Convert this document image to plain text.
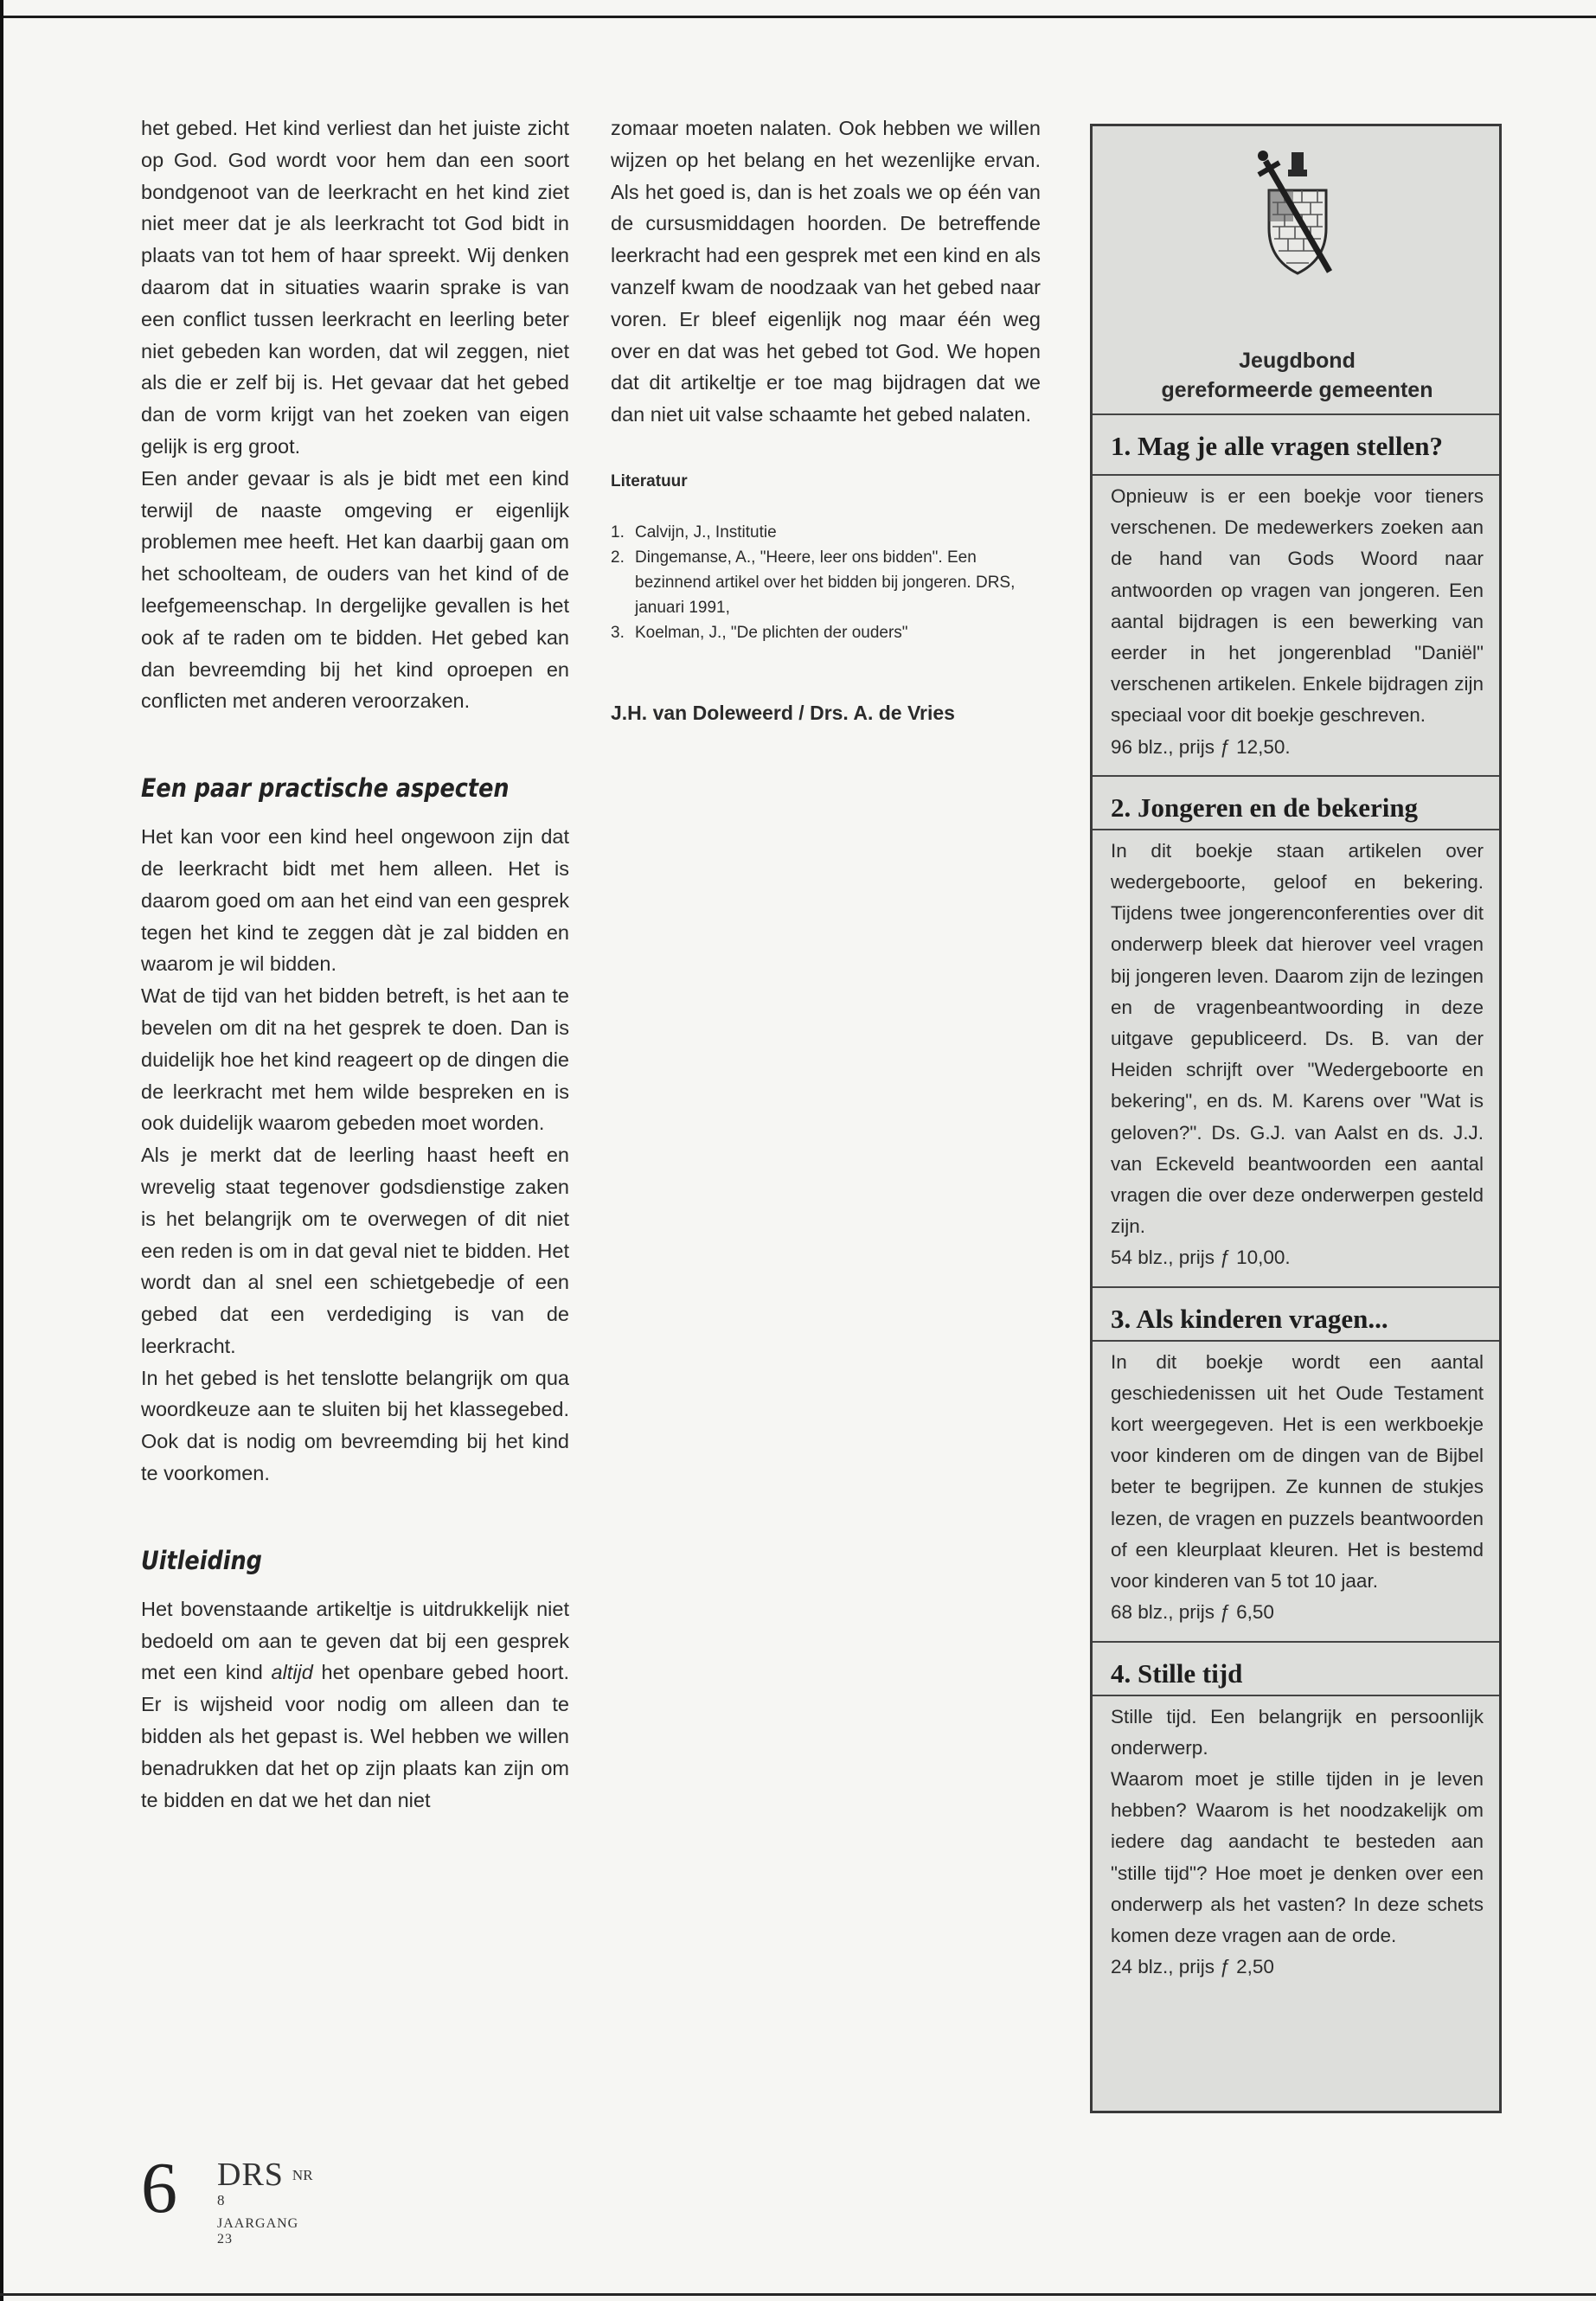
het gebed. Het kind verliest dan het juiste zicht op God. God wordt voor hem dan een soort bondgenoot van de leerkracht en het kind ziet niet meer dat je als leerkracht tot God bidt in plaats van tot hem of haar spreekt. Wij denken daarom dat in situaties waarin sprake is van een conflict tussen leerkracht en leerling beter niet gebeden kan worden, dat wil zeggen, niet als die er zelf bij is. Het gevaar dat het gebed dan de vorm krijgt van het zoeken van eigen gelijk is erg groot.

Een ander gevaar is als je bidt met een kind terwijl de naaste omgeving er eigenlijk problemen mee heeft. Het kan daarbij gaan om het schoolteam, de ouders van het kind of de leefgemeenschap. In dergelijke gevallen is het ook af te raden om te bidden. Het gebed kan dan bevreemding bij het kind oproepen en conflicten met anderen veroorzaken.

Een paar practische aspecten

Het kan voor een kind heel ongewoon zijn dat de leerkracht bidt met hem alleen. Het is daarom goed om aan het eind van een gesprek tegen het kind te zeggen dàt je zal bidden en waarom je wil bidden.

Wat de tijd van het bidden betreft, is het aan te bevelen om dit na het gesprek te doen. Dan is duidelijk hoe het kind reageert op de dingen die de leerkracht met hem wilde bespreken en is ook duidelijk waarom gebeden moet worden.

Als je merkt dat de leerling haast heeft en wrevelig staat tegenover godsdienstige zaken is het belangrijk om te overwegen of dit niet een reden is om in dat geval niet te bidden. Het wordt dan al snel een schietgebedje of een gebed dat een verdediging is van de leerkracht.

In het gebed is het tenslotte belangrijk om qua woordkeuze aan te sluiten bij het klassegebed. Ook dat is nodig om bevreemding bij het kind te voorkomen.

Uitleiding

Het bovenstaande artikeltje is uitdrukkelijk niet bedoeld om aan te geven dat bij een gesprek met een kind altijd het openbare gebed hoort. Er is wijsheid voor nodig om alleen dan te bidden als het gepast is. Wel hebben we willen benadrukken dat het op zijn plaats kan zijn om te bidden en dat we het dan niet

zomaar moeten nalaten. Ook hebben we willen wijzen op het belang en het wezenlijke ervan. Als het goed is, dan is het zoals we op één van de cursusmiddagen hoorden. De betreffende leerkracht had een gesprek met een kind en als vanzelf kwam de noodzaak van het gebed naar voren. Er bleef eigenlijk nog maar één weg over en dat was het gebed tot God. We hopen dat dit artikeltje er toe mag bijdragen dat we dan niet uit valse schaamte het gebed nalaten.

Literatuur
1. Calvijn, J., Institutie
2. Dingemanse, A., "Heere, leer ons bidden". Een bezinnend artikel over het bidden bij jongeren. DRS, januari 1991,
3. Koelman, J., "De plichten der ouders"
J.H. van Doleweerd / Drs. A. de Vries
Jeugdbond
gereformeerde gemeenten
1. Mag je alle vragen stellen?

Opnieuw is er een boekje voor tieners verschenen. De medewerkers zoeken aan de hand van Gods Woord naar antwoorden op vragen van jongeren. Een aantal bijdragen is een bewerking van eerder in het jongerenblad "Daniël" verschenen artikelen. Enkele bijdragen zijn speciaal voor dit boekje geschreven.

96 blz., prijs ƒ 12,50.

2. Jongeren en de bekering

In dit boekje staan artikelen over wedergeboorte, geloof en bekering. Tijdens twee jongerenconferenties over dit onderwerp bleek dat hierover veel vragen bij jongeren leven. Daarom zijn de lezingen en de vragenbeantwoording in deze uitgave gepubliceerd. Ds. B. van der Heiden schrijft over "Wedergeboorte en bekering", en ds. M. Karens over "Wat is geloven?". Ds. G.J. van Aalst en ds. J.J. van Eckeveld beantwoorden een aantal vragen die over deze onderwerpen gesteld zijn.

54 blz., prijs ƒ 10,00.

3. Als kinderen vragen...

In dit boekje wordt een aantal geschiedenissen uit het Oude Testament kort weergegeven. Het is een werkboekje voor kinderen om de dingen van de Bijbel beter te begrijpen. Ze kunnen de stukjes lezen, de vragen en puzzels beantwoorden of een kleurplaat kleuren. Het is bestemd voor kinderen van 5 tot 10 jaar.

68 blz., prijs ƒ 6,50

4. Stille tijd

Stille tijd. Een belangrijk en persoonlijk onderwerp.

Waarom moet je stille tijden in je leven hebben? Waarom is het noodzakelijk om iedere dag aandacht te besteden aan "stille tijd"? Hoe moet je denken over een onderwerp als het vasten? In deze schets komen deze vragen aan de orde.

24 blz., prijs ƒ 2,50

6 DRS NR 8
JAARGANG 23
